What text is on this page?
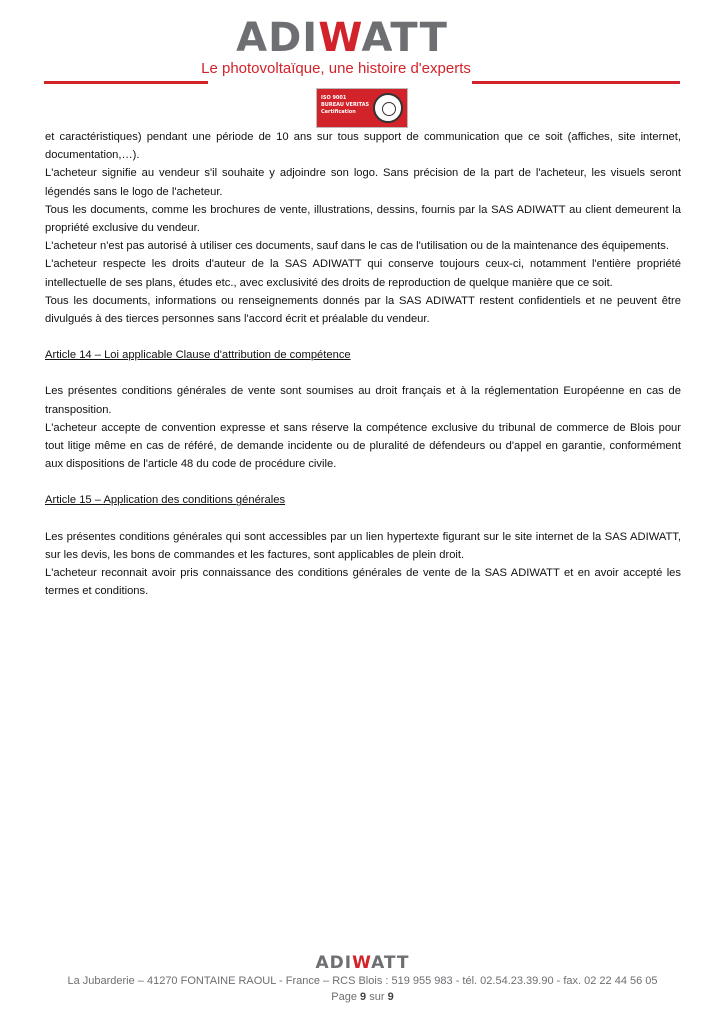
ADIWATT
Le photovoltaïque, une histoire d'experts
ISO 9001
BUREAU VERITAS
Certification

et caractéristiques) pendant une période de 10 ans sur tous support de communication que ce soit (affiches, site internet, documentation,…).

L'acheteur signifie au vendeur s'il souhaite y adjoindre son logo. Sans précision de la part de l'acheteur, les visuels seront légendés sans le logo de l'acheteur.

Tous les documents, comme les brochures de vente, illustrations, dessins, fournis par la SAS ADIWATT au client demeurent la propriété exclusive du vendeur.

L'acheteur n'est pas autorisé à utiliser ces documents, sauf dans le cas de l'utilisation ou de la maintenance des équipements.

L'acheteur respecte les droits d'auteur de la SAS ADIWATT qui conserve toujours ceux-ci, notamment l'entière propriété intellectuelle de ses plans, études etc., avec exclusivité des droits de reproduction de quelque manière que ce soit.

Tous les documents, informations ou renseignements donnés par la SAS ADIWATT restent confidentiels et ne peuvent être divulgués à des tierces personnes sans l'accord écrit et préalable du vendeur.

Article 14 – Loi applicable Clause d'attribution de compétence

Les présentes conditions générales de vente sont soumises au droit français et à la réglementation Européenne en cas de transposition.

L'acheteur accepte de convention expresse et sans réserve la compétence exclusive du tribunal de commerce de Blois pour tout litige même en cas de référé, de demande incidente ou de pluralité de défendeurs ou d'appel en garantie, conformément aux dispositions de l'article 48 du code de procédure civile.

Article 15 – Application des conditions générales

Les présentes conditions générales qui sont accessibles par un lien hypertexte figurant sur le site internet de la SAS ADIWATT, sur les devis, les bons de commandes et les factures, sont applicables de plein droit.

L'acheteur reconnait avoir pris connaissance des conditions générales de vente de la SAS ADIWATT et en avoir accepté les termes et conditions.

ADIWATT
La Jubarderie – 41270 FONTAINE RAOUL - France – RCS Blois : 519 955 983 - tél. 02.54.23.39.90 - fax. 02 22 44 56 05
Page 9 sur 9
